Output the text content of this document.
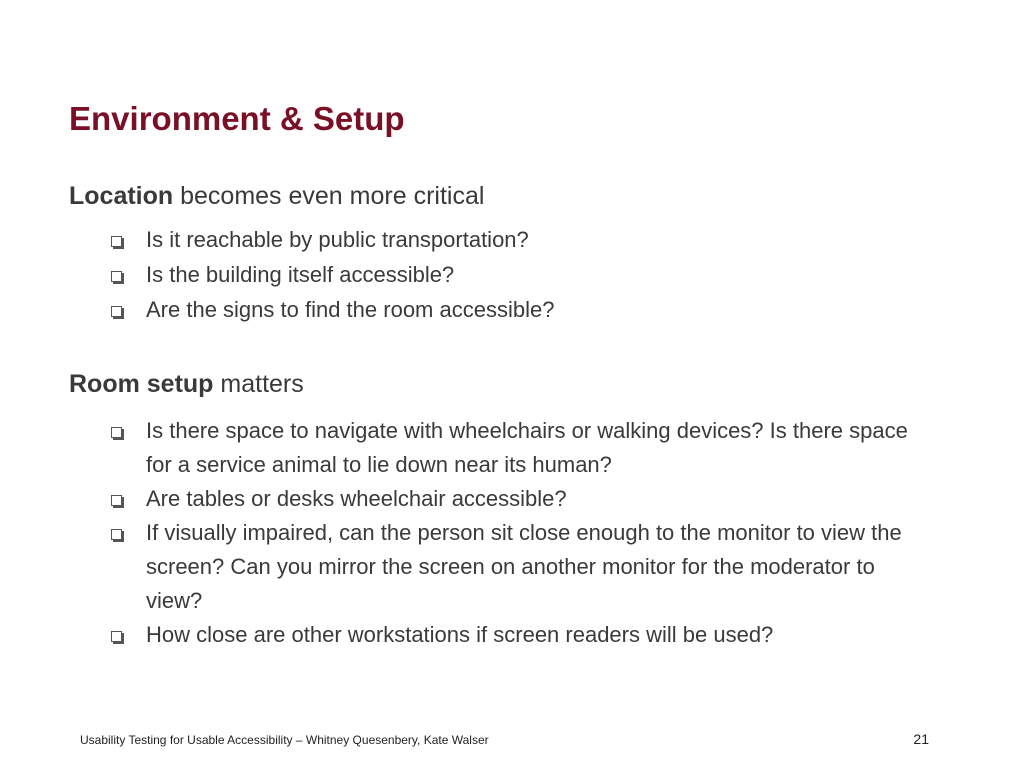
Environment & Setup

Location becomes even more critical

Is it reachable by public transportation?
Is the building itself accessible?
Are the signs to find the room accessible?

Room setup matters

Is there space to navigate with wheelchairs or walking devices? Is there space for a service animal to lie down near its human?
Are tables or desks wheelchair accessible?
If visually impaired, can the person sit close enough to the monitor to view the screen? Can you mirror the screen on another monitor for the moderator to view?
How close are other workstations if screen readers will be used?
Usability Testing for Usable Accessibility – Whitney Quesenbery, Kate Walser	21
